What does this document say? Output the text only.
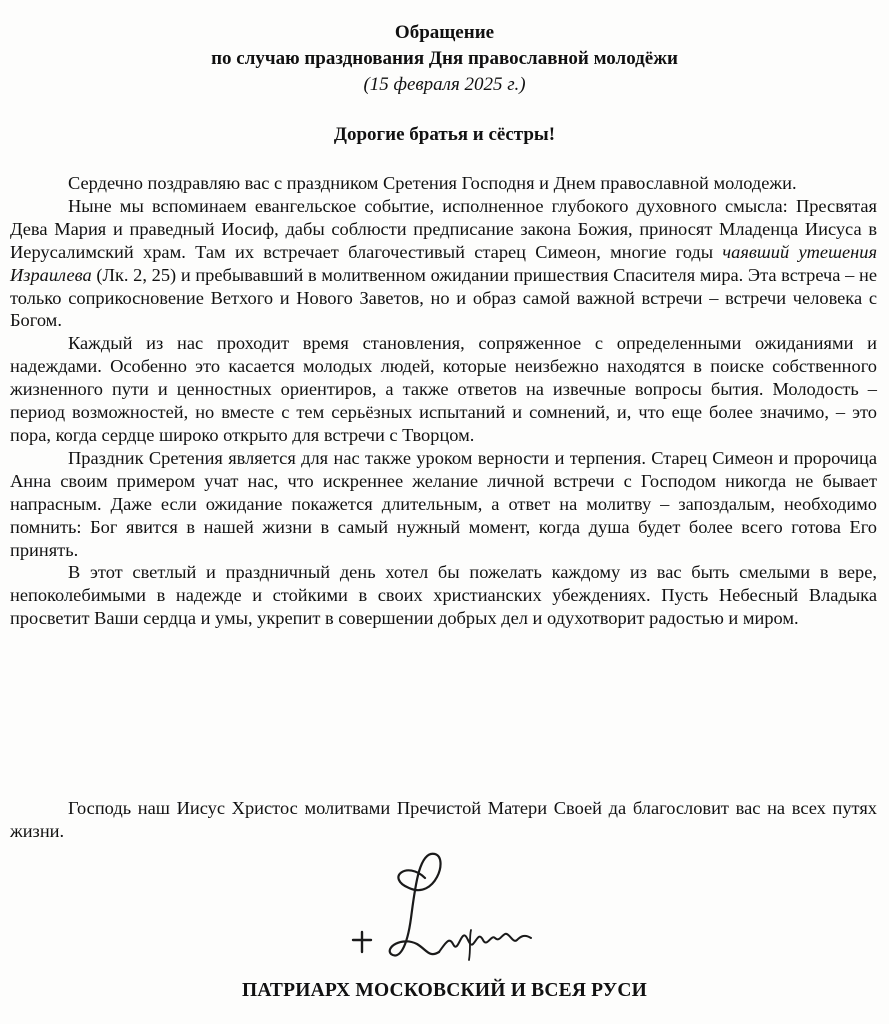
Обращение
по случаю празднования Дня православной молодёжи
(15 февраля 2025 г.)
Дорогие братья и сёстры!

Сердечно поздравляю вас с праздником Сретения Господня и Днем православной молодежи.

Ныне мы вспоминаем евангельское событие, исполненное глубокого духовного смысла: Пресвятая Дева Мария и праведный Иосиф, дабы соблюсти предписание закона Божия, приносят Младенца Иисуса в Иерусалимский храм. Там их встречает благочестивый старец Симеон, многие годы чаявший утешения Израилева (Лк. 2, 25) и пребывавший в молитвенном ожидании пришествия Спасителя мира. Эта встреча – не только соприкосновение Ветхого и Нового Заветов, но и образ самой важной встречи – встречи человека с Богом.

Каждый из нас проходит время становления, сопряженное с определенными ожиданиями и надеждами. Особенно это касается молодых людей, которые неизбежно находятся в поиске собственного жизненного пути и ценностных ориентиров, а также ответов на извечные вопросы бытия. Молодость – период возможностей, но вместе с тем серьёзных испытаний и сомнений, и, что еще более значимо, – это пора, когда сердце широко открыто для встречи с Творцом.

Праздник Сретения является для нас также уроком верности и терпения. Старец Симеон и пророчица Анна своим примером учат нас, что искреннее желание личной встречи с Господом никогда не бывает напрасным. Даже если ожидание покажется длительным, а ответ на молитву – запоздалым, необходимо помнить: Бог явится в нашей жизни в самый нужный момент, когда душа будет более всего готова Его принять.

В этот светлый и праздничный день хотел бы пожелать каждому из вас быть смелыми в вере, непоколебимыми в надежде и стойкими в своих христианских убеждениях. Пусть Небесный Владыка просветит Ваши сердца и умы, укрепит в совершении добрых дел и одухотворит радостью и миром.

Господь наш Иисус Христос молитвами Пречистой Матери Своей да благословит вас на всех путях жизни.

ПАТРИАРХ МОСКОВСКИЙ И ВСЕЯ РУСИ
